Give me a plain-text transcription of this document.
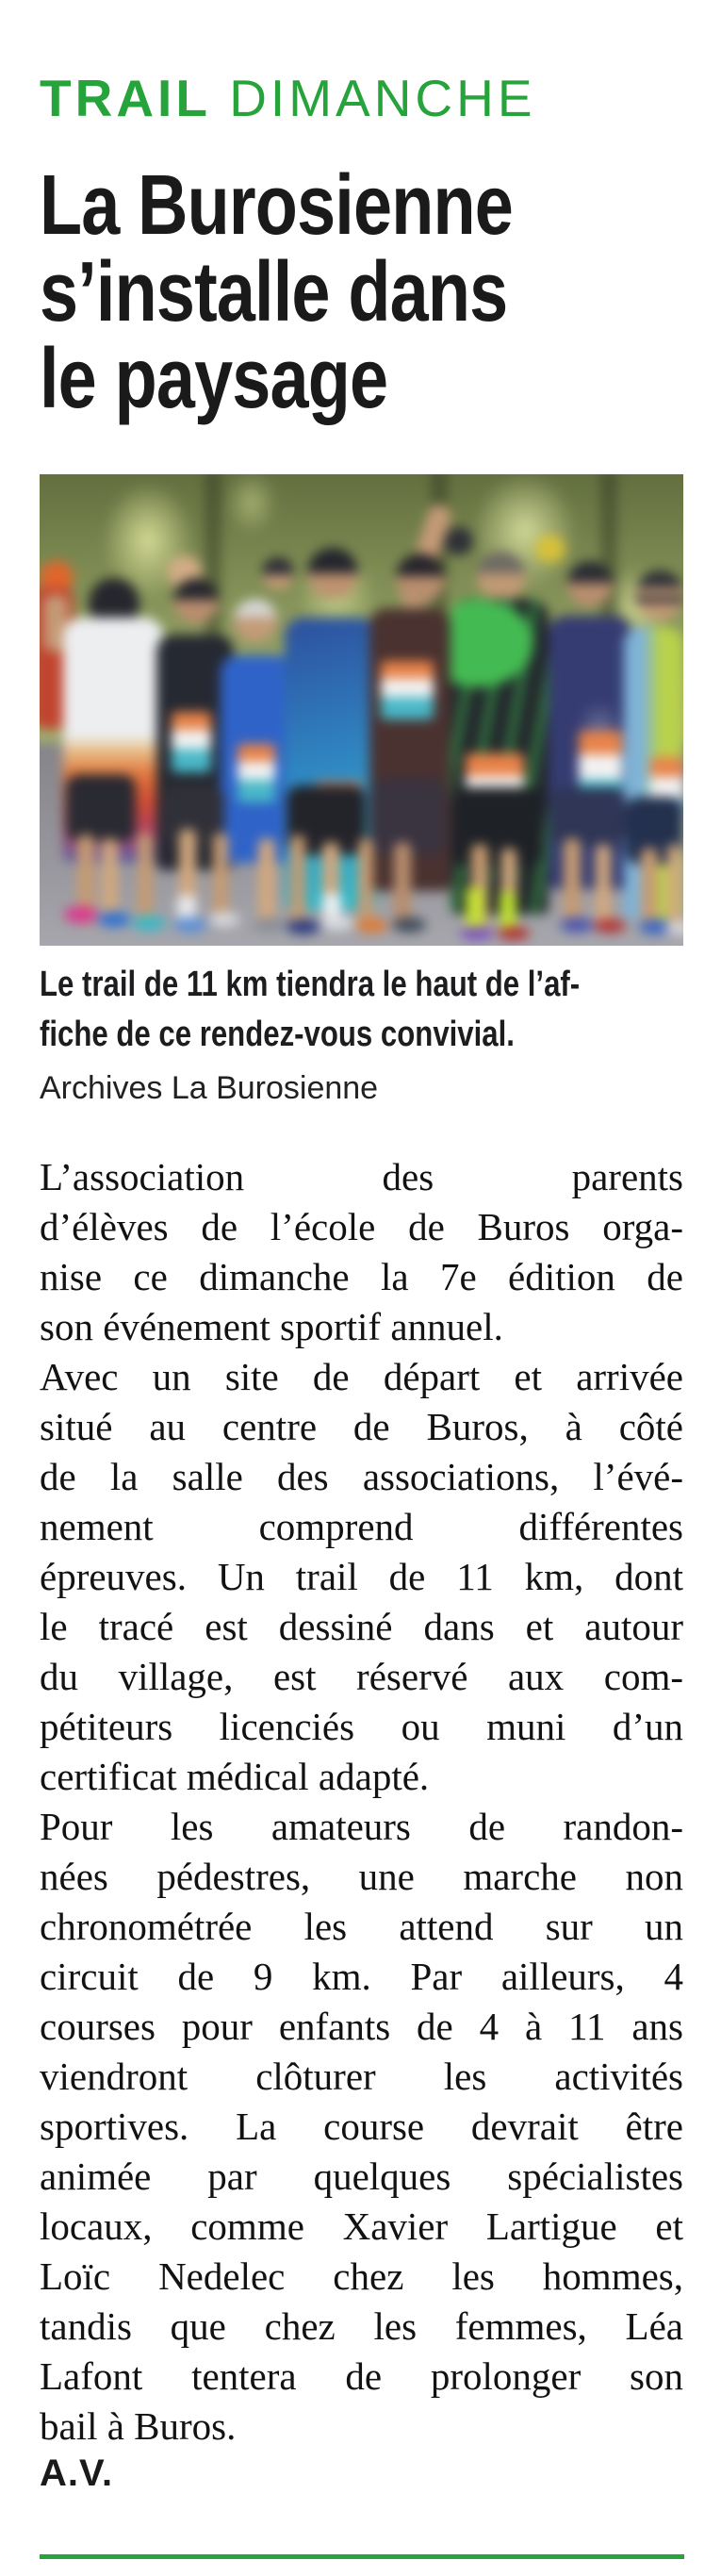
TRAIL DIMANCHE
La Burosienne
s’installe dans
le paysage
Le trail de 11 km tiendra le haut de l’af-
fiche de ce rendez-vous convivial.
Archives La Burosienne
L’association des parents
d’élèves de l’école de Buros orga-
nise ce dimanche la 7e édition de
son événement sportif annuel.
Avec un site de départ et arrivée
situé au centre de Buros, à côté
de la salle des associations, l’évé-
nement comprend différentes
épreuves. Un trail de 11 km, dont
le tracé est dessiné dans et autour
du village, est réservé aux com-
pétiteurs licenciés ou muni d’un
certificat médical adapté.
Pour les amateurs de randon-
nées pédestres, une marche non
chronométrée les attend sur un
circuit de 9 km. Par ailleurs, 4
courses pour enfants de 4 à 11 ans
viendront clôturer les activités
sportives. La course devrait être
animée par quelques spécialistes
locaux, comme Xavier Lartigue et
Loïc Nedelec chez les hommes,
tandis que chez les femmes, Léa
Lafont tentera de prolonger son
bail à Buros.
A.V.
